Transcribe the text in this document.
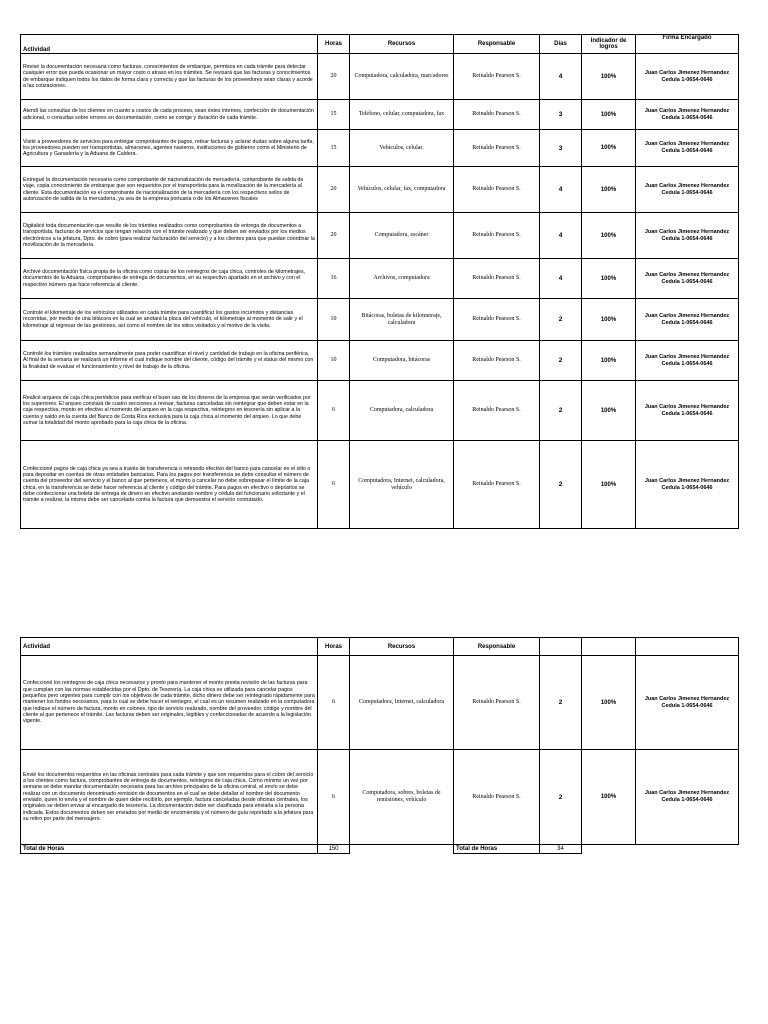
Actividad	Horas	Recursos	Responsable	Días	Indicador de logros	Firma Encargado
Revisé la documentación necesaria como facturas, conocimientos de embarque, permisos en cada trámite para detectar cualquier error que pueda ocasionar un mayor costo o atraso en los trámites. Se revisará que las facturas y conocimientos de embarque indiquen todos los datos de forma clara y correcta y que las facturas de los proveedores sean claras y acorde a las cotizaciones.	20	Computadora, calculadora, marcadores	Reinaldo Pearson S.	4	100%	Juan Carlos Jimenez Hernandez Cedula 1-0654-0646
Atendí las consultas de los clientes en cuanto a costos de cada proceso, sean éstes internos, confección de documentación adicional, o consultas sobre errores en documentación, como se corrige y duración de cada trámite.	15	Teléfono, celular, computadora, fax	Reinaldo Pearson S.	3	100%	Juan Carlos Jimenez Hernandez Cedula 1-0654-0646
Visité a proveedores de servicios para entregar comprobantes de pagos, retirar facturas y aclarar dudas sobre alguna tarifa, los proveedores pueden ser transportistas, almacenes, agentes navieros, instituciones de gobierno como el Ministerio de Agricultura y Ganadería y la Aduana de Caldera.	15	Vehículos, celular.	Reinaldo Pearson S.	3	100%	Juan Carlos Jimenez Hernandez Cedula 1-0654-0646
Entregué la documentación necesaria como comprobante de nacionalización de mercadería, comprobante de salida de viaje, copia conocimiento de embarque que son requeridos por el transportista para la movilización de la mercadería al cliente. Esta documentación es el comprobante de nacionalización de la mercadería con los respectivos sellos de autorización de salida de la mercadería, ya sea de la empresa portuaria o de los Almacenes fiscales	20	Vehículos, celular, fax, computadora	Reinaldo Pearson S.	4	100%	Juan Carlos Jimenez Hernandez Cedula 1-0654-0646
Digitalicé toda documentación que resulte de los trámites realizados como comprobantes de entrega de documentos a transportista, facturas de servicios que tengan relación con el trámite realizado y que deben ser enviados por los medios electrónicos a la jefatura, Dpto. de cobro (para realizar facturación del servicio) y a los clientes para que puedan coordinar la movilización de la mercadería.	20	Computadora, escáner	Reinaldo Pearson S.	4	100%	Juan Carlos Jimenez Hernandez Cedula 1-0654-0646
Archivé documentación física propia de la oficina como copias de los reintegros de caja chica, controles de kilometrajes, documentos de la Aduana, comprobantes de entrega de documentos, en su respectivo apartado en el archivo y con el respectivo número que hace referencia al cliente.	16	Archivos, computadora	Reinaldo Pearson S.	4	100%	Juan Carlos Jimenez Hernandez Cedula 1-0654-0646
Controlé el kilometraje de los vehículos utilizados en cada trámite para cuantificar los gastos incurridos y distancias recorridas, por medio de una bitácora en la cual se anotará la placa del vehículo, el kilometraje al momento de salir y el kilometraje al regresar de las gestiones, así como el nombre de los sitios visitados y el motivo de la visita.	10	Bitácoras, boletas de kilometraje, calculadora	Reinaldo Pearson S.	2	100%	Juan Carlos Jimenez Hernandez Cedula 1-0654-0646
Controlé los trámites realizados semanalmente para poder cuantificar el nivel y cantidad de trabajo en la oficina periférica. Al final de la semana se realizará un informe el cual indique nombre del cliente, código del trámite y el status del mismo con la finalidad de evaluar el funcionamiento y nivel de trabajo de la oficina.	10	Computadora, bitácoras	Reinaldo Pearson S.	2	100%	Juan Carlos Jimenez Hernandez Cedula 1-0654-0646
Realicé arqueos de caja chica periódicos para verificar el buen uso de los dineros de la empresa que serán verificados por los superiores. El arqueo constará de cuatro secciones a revisar, facturas canceladas sin reintegrar que deben estar en la caja respectiva, monto en efectivo al momento del arqueo en la caja respectiva, reintegros en tesorería sin aplicar a la cuenta y saldo en la cuenta del Banco de Costa Rica exclusiva para la caja chica al momento del arqueo. Lo que debe sumar la totalidad del monto aprobado para la caja chica de la oficina.	6	Computadora, calculadora	Reinaldo Pearson S.	2	100%	Juan Carlos Jimenez Hernandez Cedula 1-0654-0646
Confeccioné pagos de caja chica ya sea a través de transferencia o retirando efectivo del banco para cancelar en el sitio o para depositar en cuentas de otras entidades bancarias. Para los pagos por transferencia se debe consultar el número de cuenta del proveedor del servicio y el banco al que pertenece, el monto a cancelar no debe sobrepasar el límite de la caja chica, en la transferencia se debe hacer referencia al cliente y código del trámite. Para pagos en efectivo o depósitos se debe confeccionar una boleta de entrega de dinero en efectivo anotando nombre y cédula del funcionario solicitante y el trámite a realizar, la misma debe ser cancelada contra la factura que demuestra el servicio contratado.	6	Computadora, Internet, calculadora, vehículo	Reinaldo Pearson S.	2	100%	Juan Carlos Jimenez Hernandez Cedula 1-0654-0646
Actividad	Horas	Recursos	Responsable			
Confeccioné los reintegros de caja chica necesarios y pronto para mantener el monto presta revisión de las facturas para que cumplan con las normas establecidas por el Dpto. de Tesorería. La caja chica es utilizada para cancelar pagos pequeños pero urgentes para cumplir con los objetivos de cada trámite, dicho dinero debe ser reintegrado rápidamente para mantener los fondos necesarios, para lo cual se debe hacer el reintegro, el cual es un resumen realizado en la computadora que indique el número de factura, monto en colones, tipo de servicio realizado, nombre del proveedor, código y nombre del cliente al que pertenece el trámite. Las facturas deben ser originales, legibles y confeccionadas de acuerdo a la legislación vigente.	6	Computadora, Internet, calculadora	Reinaldo Pearson S.	2	100%	Juan Carlos Jimenez Hernandez Cedula 1-0654-0646
Envié los documentos requeridos en las oficinas centrales para cada trámite y que son requeridos para el cobro del servicio a los clientes como factura, comprobantes de entrega de documentos, reintegros de caja chica. Como mínimo un vez por semana se debe mandar documentación necesaria para las archivo principales de la oficina central, el envío se debe realizar con un documento denominado remisión de documentos en el cual se debe detallar el nombre del documento enviado, quien lo envía y el nombre de quien debe recibirlo, por ejemplo, factura canceladas desde oficinas centrales, los originales se deben enviar al encargado de tesorería. La documentación debe ser clasificada para enviarla a la persona indicada. Estos documentos deben ser enviados por medio de encomienda y el número de guía reportado a la jefatura para su retiro por parte del mensajero.	6	Computadora, sobres, boletas de remisiones, vehículo	Reinaldo Pearson S.	2	100%	Juan Carlos Jimenez Hernandez Cedula 1-0654-0646
Total de Horas	150		Total de Horas	34		
